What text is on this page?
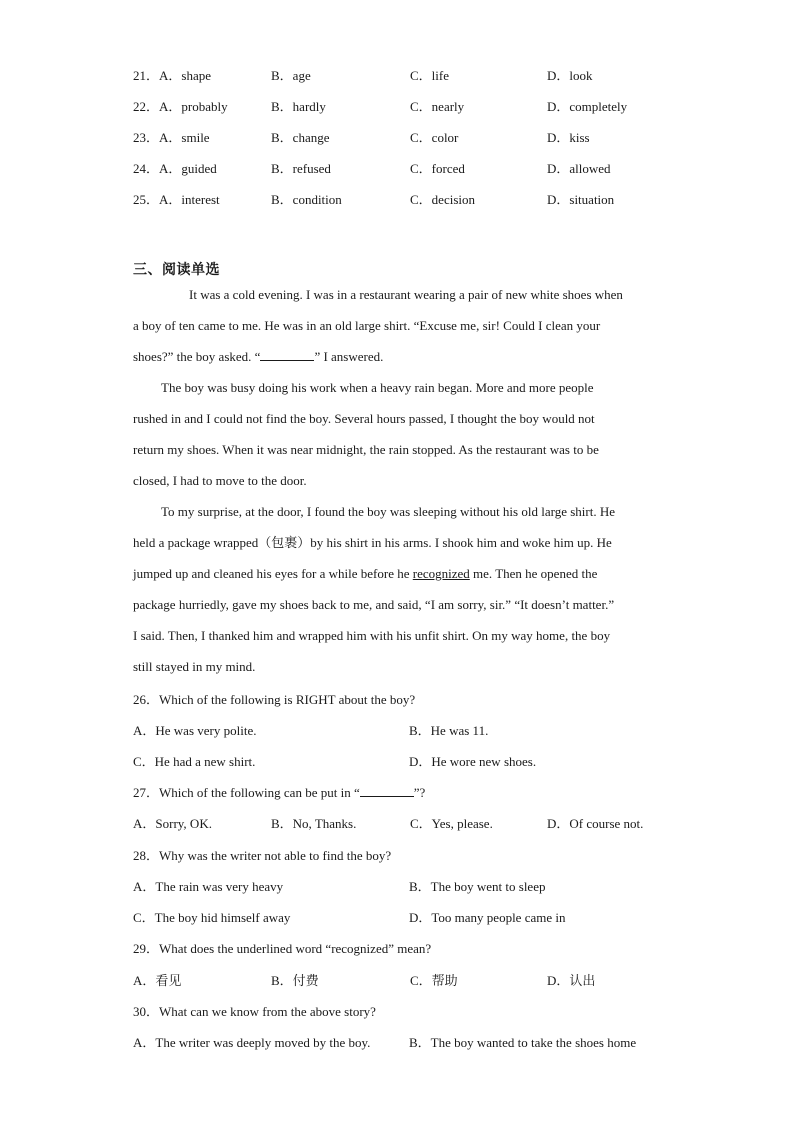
21．A．shape	B．age	C．life	D．look
22．A．probably	B．hardly	C．nearly	D．completely
23．A．smile	B．change	C．color	D．kiss
24．A．guided	B．refused	C．forced	D．allowed
25．A．interest	B．condition	C．decision	D．situation
三、阅读单选
It was a cold evening. I was in a restaurant wearing a pair of new white shoes when
a boy of ten came to me. He was in an old large shirt. “Excuse me, sir! Could I clean your
shoes?” the boy asked. “	” I answered.
The boy was busy doing his work when a heavy rain began. More and more people
rushed in and I could not find the boy. Several hours passed, I thought the boy would not
return my shoes. When it was near midnight, the rain stopped. As the restaurant was to be
closed, I had to move to the door.
To my surprise, at the door, I found the boy was sleeping without his old large shirt. He
held a package wrapped（包裹）by his shirt in his arms. I shook him and woke him up. He
jumped up and cleaned his eyes for a while before he recognized me. Then he opened the
package hurriedly, gave my shoes back to me, and said, “I am sorry, sir.” “It doesn’t matter.”
I said. Then, I thanked him and wrapped him with his unfit shirt. On my way home, the boy
still stayed in my mind.
26．Which of the following is RIGHT about the boy?
A．He was very polite.	B．He was 11.
C．He had a new shirt.	D．He wore new shoes.
27．Which of the following can be put in “	”?
A．Sorry, OK.	B．No, Thanks.	C．Yes, please.	D．Of course not.
28．Why was the writer not able to find the boy?
A．The rain was very heavy	B．The boy went to sleep
C．The boy hid himself away	D．Too many people came in
29．What does the underlined word “recognized” mean?
A．看见	B．付费	C．帮助	D．认出
30．What can we know from the above story?
A．The writer was deeply moved by the boy.	B．The boy wanted to take the shoes home
